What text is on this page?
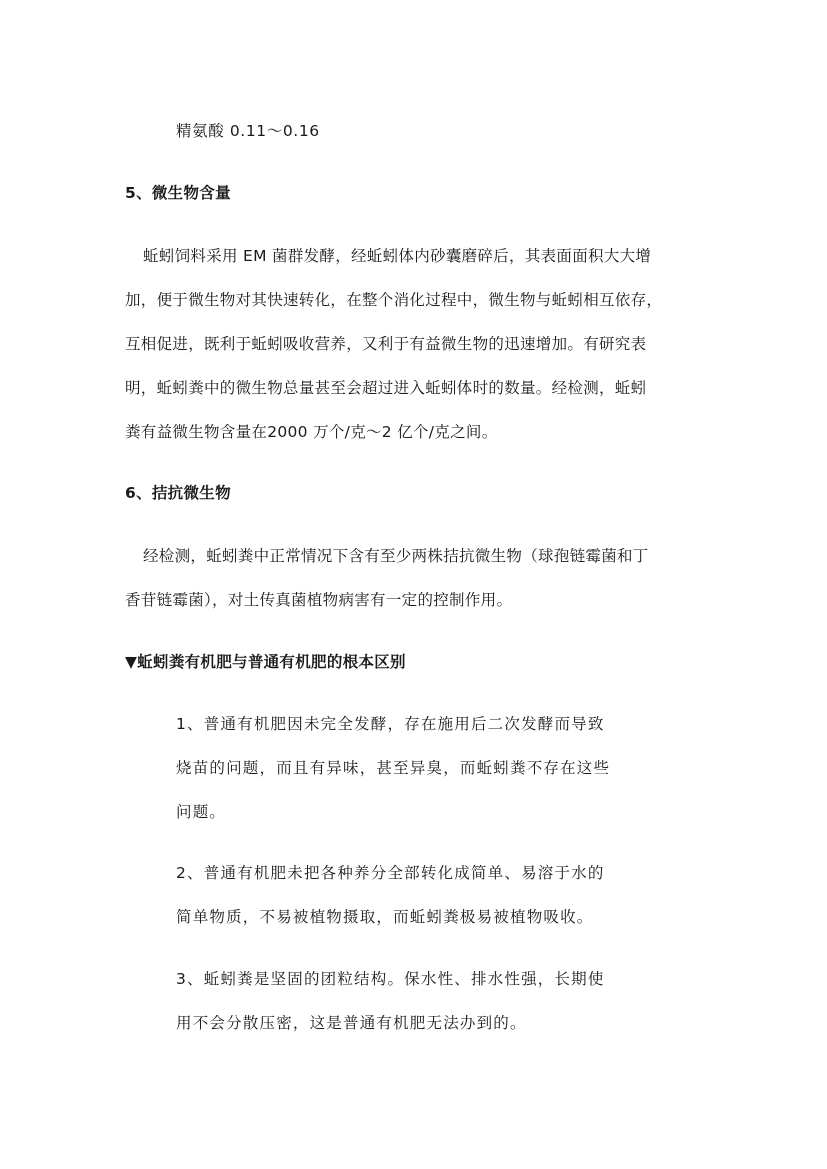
精氨酸 0.11～0.16
5、微生物含量
蚯蚓饲料采用 EM 菌群发酵，经蚯蚓体内砂囊磨碎后，其表面面积大大增
加，便于微生物对其快速转化，在整个消化过程中，微生物与蚯蚓相互依存，
互相促进，既利于蚯蚓吸收营养，又利于有益微生物的迅速增加。有研究表
明，蚯蚓粪中的微生物总量甚至会超过进入蚯蚓体时的数量。经检测，蚯蚓
粪有益微生物含量在2000 万个/克～2 亿个/克之间。
6、拮抗微生物
经检测，蚯蚓粪中正常情况下含有至少两株拮抗微生物（球孢链霉菌和丁
香苷链霉菌），对土传真菌植物病害有一定的控制作用。
▼蚯蚓粪有机肥与普通有机肥的根本区别
1、普通有机肥因未完全发酵，存在施用后二次发酵而导致
烧苗的问题，而且有异味，甚至异臭，而蚯蚓粪不存在这些
问题。
2、普通有机肥未把各种养分全部转化成简单、易溶于水的
简单物质，不易被植物摄取，而蚯蚓粪极易被植物吸收。
3、蚯蚓粪是坚固的团粒结构。保水性、排水性强，长期使
用不会分散压密，这是普通有机肥无法办到的。
